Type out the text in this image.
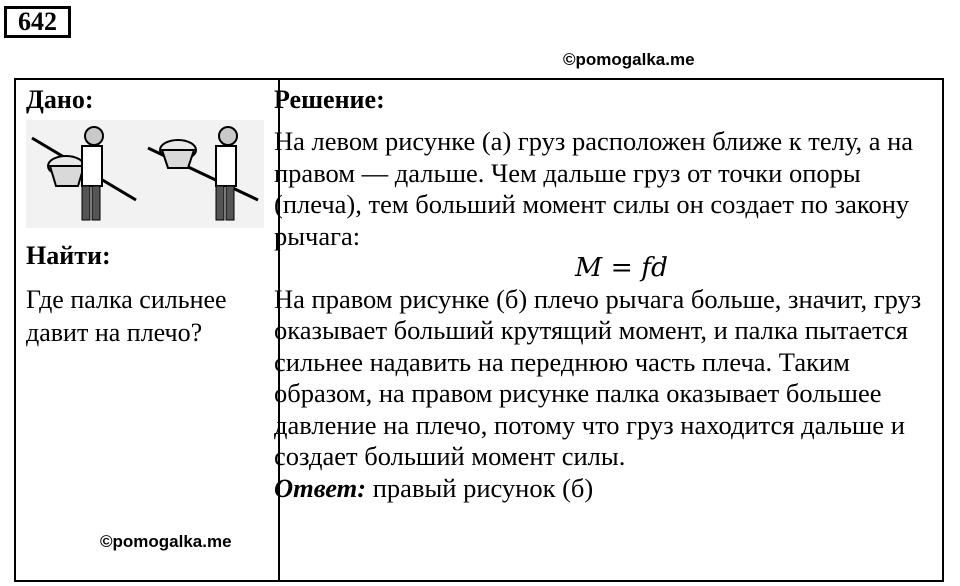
642
©pomogalka.me
Дано:
Найти:
Где палка сильнее давит на плечо?
Решение:

На левом рисунке (а) груз расположен ближе к телу, а на правом — дальше. Чем дальше груз от точки опоры (плеча), тем больший момент силы он создает по закону рычага:

M = fd

На правом рисунке (б) плечо рычага больше, значит, груз оказывает больший крутящий момент, и палка пытается сильнее надавить на переднюю часть плеча. Таким образом, на правом рисунке палка оказывает большее давление на плечо, потому что груз находится дальше и создает больший момент силы.

Ответ: правый рисунок (б)

©pomogalka.me
